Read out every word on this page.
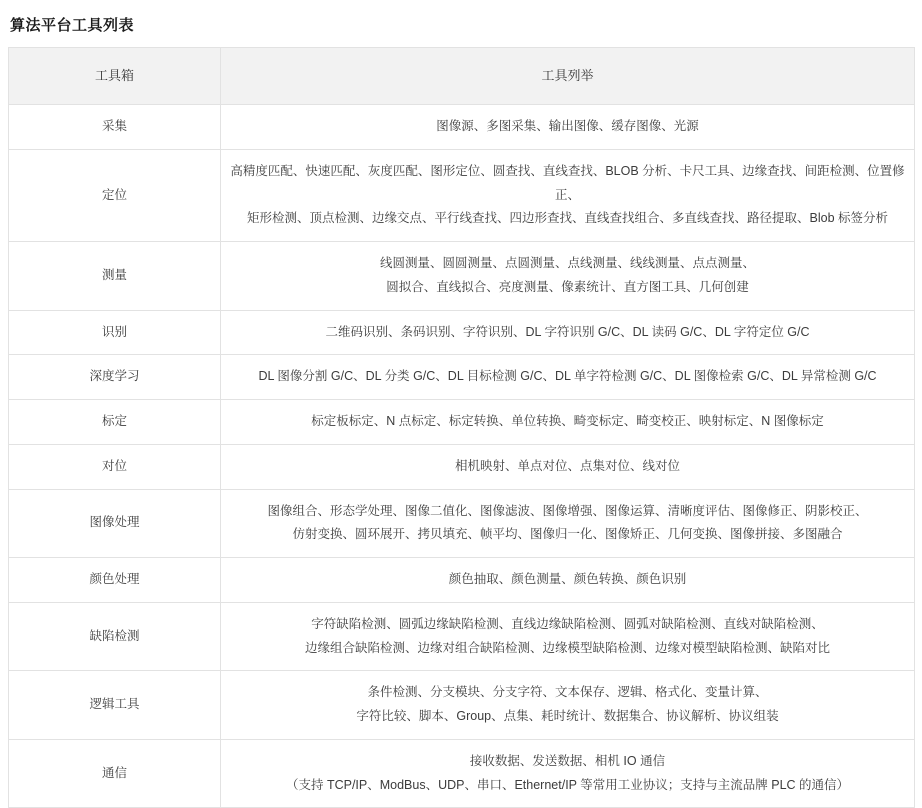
算法平台工具列表
工具箱	工具列举
采集	图像源、多图采集、输出图像、缓存图像、光源

定位	高精度匹配、快速匹配、灰度匹配、图形定位、圆查找、直线查找、BLOB 分析、卡尺工具、边缘查找、间距检测、位置修正、
矩形检测、顶点检测、边缘交点、平行线查找、四边形查找、直线查找组合、多直线查找、路径提取、Blob 标签分析

测量	线圆测量、圆圆测量、点圆测量、点线测量、线线测量、点点测量、
圆拟合、直线拟合、亮度测量、像素统计、直方图工具、几何创建

识别	二维码识别、条码识别、字符识别、DL 字符识别 G/C、DL 读码 G/C、DL 字符定位 G/C

深度学习	DL 图像分割 G/C、DL 分类 G/C、DL 目标检测 G/C、DL 单字符检测 G/C、DL 图像检索 G/C、DL 异常检测 G/C

标定	标定板标定、N 点标定、标定转换、单位转换、畸变标定、畸变校正、映射标定、N 图像标定

对位	相机映射、单点对位、点集对位、线对位

图像处理	图像组合、形态学处理、图像二值化、图像滤波、图像增强、图像运算、清晰度评估、图像修正、阴影校正、
仿射变换、圆环展开、拷贝填充、帧平均、图像归一化、图像矫正、几何变换、图像拼接、多图融合

颜色处理	颜色抽取、颜色测量、颜色转换、颜色识别

缺陷检测	字符缺陷检测、圆弧边缘缺陷检测、直线边缘缺陷检测、圆弧对缺陷检测、直线对缺陷检测、
边缘组合缺陷检测、边缘对组合缺陷检测、边缘模型缺陷检测、边缘对模型缺陷检测、缺陷对比

逻辑工具	条件检测、分支模块、分支字符、文本保存、逻辑、格式化、变量计算、
字符比较、脚本、Group、点集、耗时统计、数据集合、协议解析、协议组装

通信	接收数据、发送数据、相机 IO 通信
（支持 TCP/IP、ModBus、UDP、串口、Ethernet/IP 等常用工业协议；支持与主流品牌 PLC 的通信）
